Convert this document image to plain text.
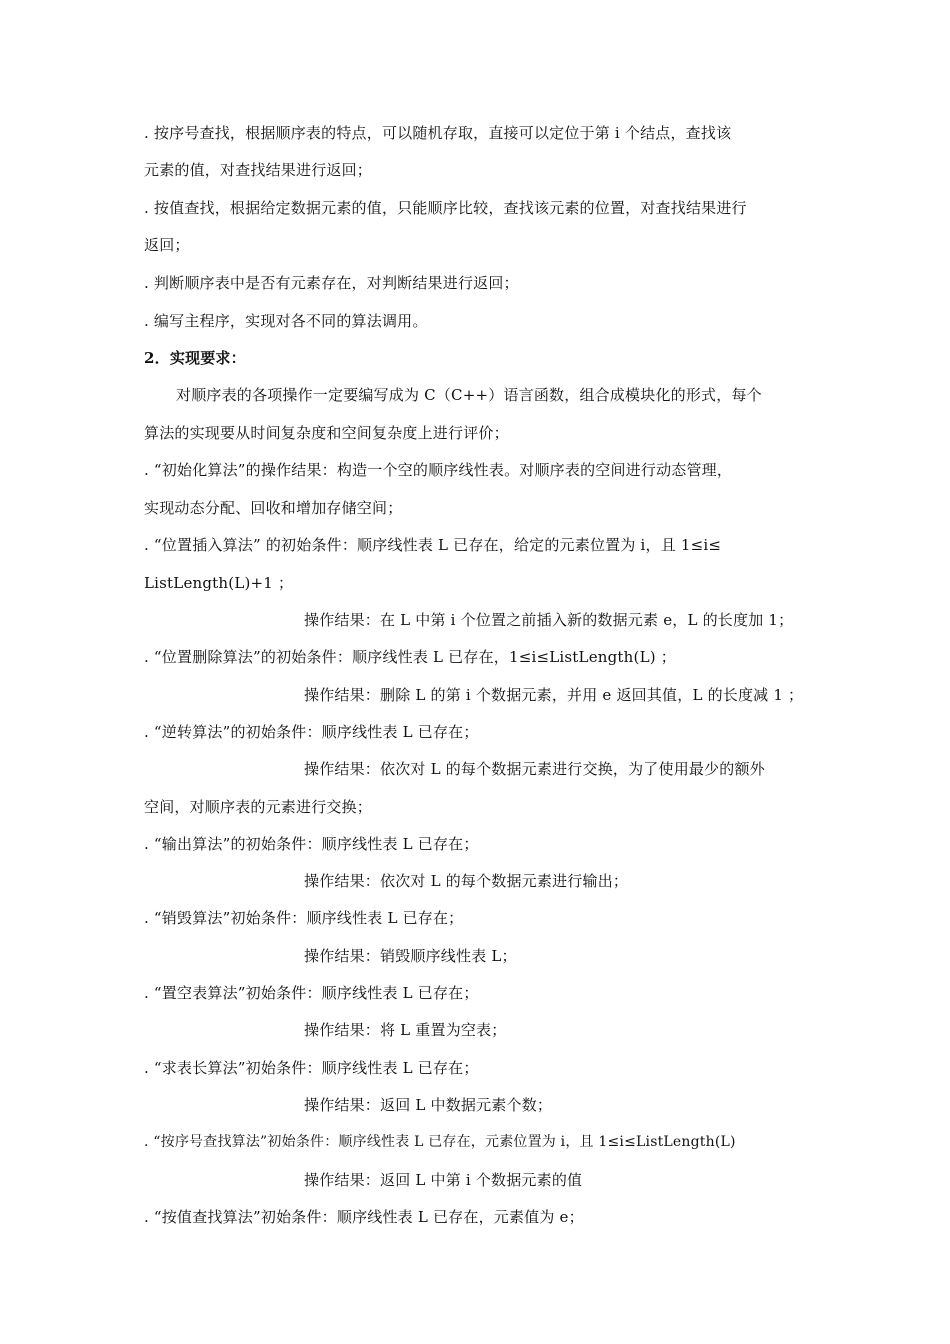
. 按序号查找，根据顺序表的特点，可以随机存取，直接可以定位于第 i 个结点，查找该
元素的值，对查找结果进行返回；
. 按值查找，根据给定数据元素的值，只能顺序比较，查找该元素的位置，对查找结果进行
返回；
. 判断顺序表中是否有元素存在，对判断结果进行返回；
. 编写主程序，实现对各不同的算法调用。
2．实现要求：
对顺序表的各项操作一定要编写成为 C（C++）语言函数，组合成模块化的形式，每个
算法的实现要从时间复杂度和空间复杂度上进行评价；
. “初始化算法”的操作结果：构造一个空的顺序线性表。对顺序表的空间进行动态管理，
实现动态分配、回收和增加存储空间；
. “位置插入算法” 的初始条件：顺序线性表 L 已存在，给定的元素位置为 i，且 1≤i≤
ListLength(L)+1 ；
操作结果：在 L 中第 i 个位置之前插入新的数据元素 e，L 的长度加 1；
. “位置删除算法”的初始条件：顺序线性表 L 已存在，1≤i≤ListLength(L) ；
操作结果：删除 L 的第 i 个数据元素，并用 e 返回其值，L 的长度减 1 ；
. “逆转算法”的初始条件：顺序线性表 L 已存在；
操作结果：依次对 L 的每个数据元素进行交换，为了使用最少的额外
空间，对顺序表的元素进行交换；
. “输出算法”的初始条件：顺序线性表 L 已存在；
操作结果：依次对 L 的每个数据元素进行输出；
. “销毁算法”初始条件：顺序线性表 L 已存在；
操作结果：销毁顺序线性表 L；
. “置空表算法”初始条件：顺序线性表 L 已存在；
操作结果：将 L 重置为空表；
. “求表长算法”初始条件：顺序线性表 L 已存在；
操作结果：返回 L 中数据元素个数；
. “按序号查找算法”初始条件：顺序线性表 L 已存在，元素位置为 i，且 1≤i≤ListLength(L)
操作结果：返回 L 中第 i 个数据元素的值
. “按值查找算法”初始条件：顺序线性表 L 已存在，元素值为 e；
